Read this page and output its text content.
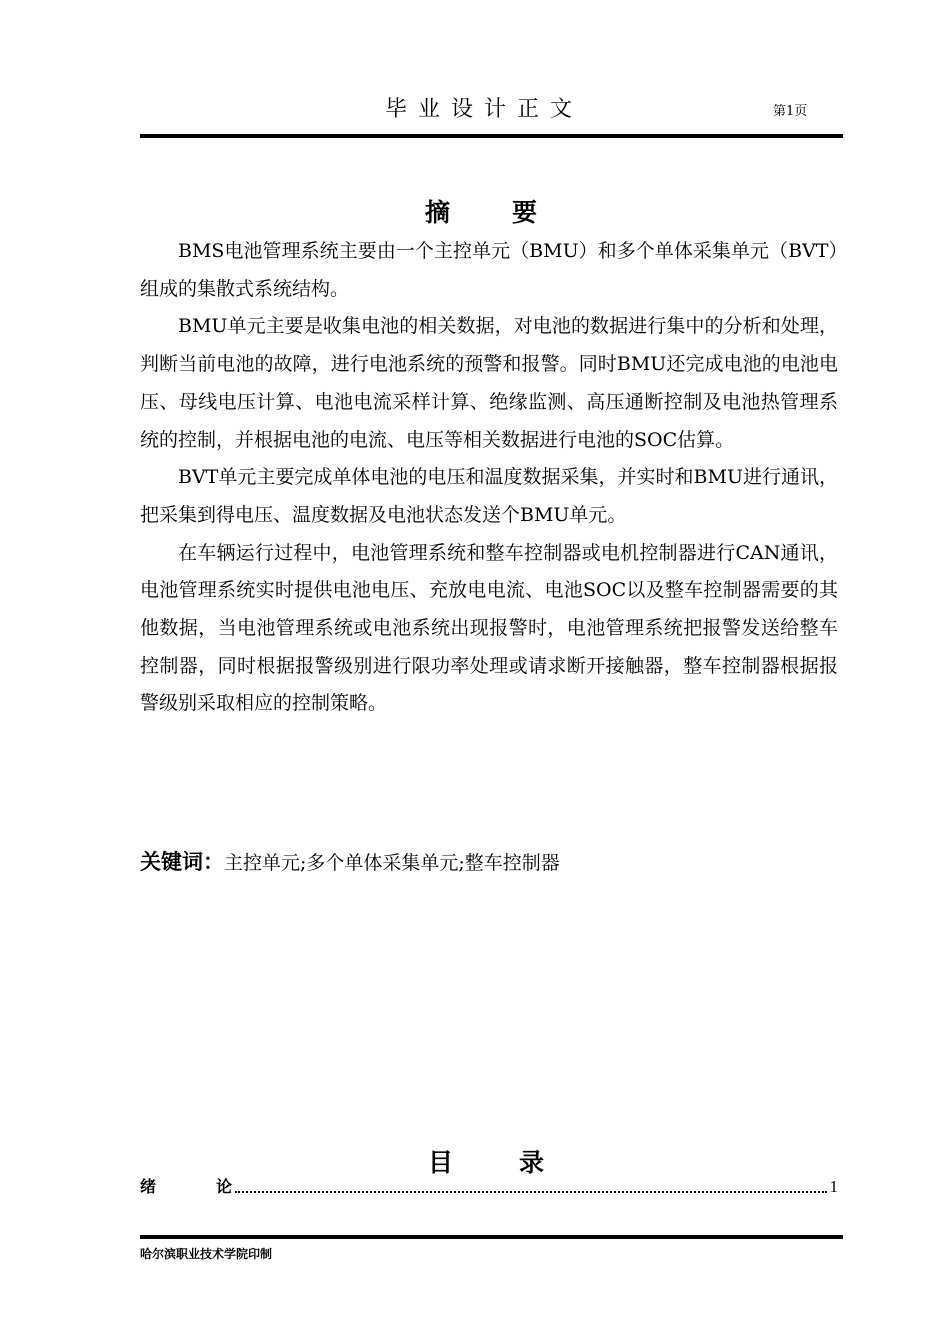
毕业设计正文	第1页
摘要

BMS电池管理系统主要由一个主控单元（BMU）和多个单体采集单元（BVT）组成的集散式系统结构。

BMU单元主要是收集电池的相关数据，对电池的数据进行集中的分析和处理，判断当前电池的故障，进行电池系统的预警和报警。同时BMU还完成电池的电池电压、母线电压计算、电池电流采样计算、绝缘监测、高压通断控制及电池热管理系统的控制，并根据电池的电流、电压等相关数据进行电池的SOC估算。

BVT单元主要完成单体电池的电压和温度数据采集，并实时和BMU进行通讯，把采集到得电压、温度数据及电池状态发送个BMU单元。

在车辆运行过程中，电池管理系统和整车控制器或电机控制器进行CAN通讯，电池管理系统实时提供电池电压、充放电电流、电池SOC以及整车控制器需要的其他数据，当电池管理系统或电池系统出现报警时，电池管理系统把报警发送给整车控制器，同时根据报警级别进行限功率处理或请求断开接触器，整车控制器根据报警级别采取相应的控制策略。

关键词：主控单元;多个单体采集单元;整车控制器
目录
绪论	1
哈尔滨职业技术学院印制
